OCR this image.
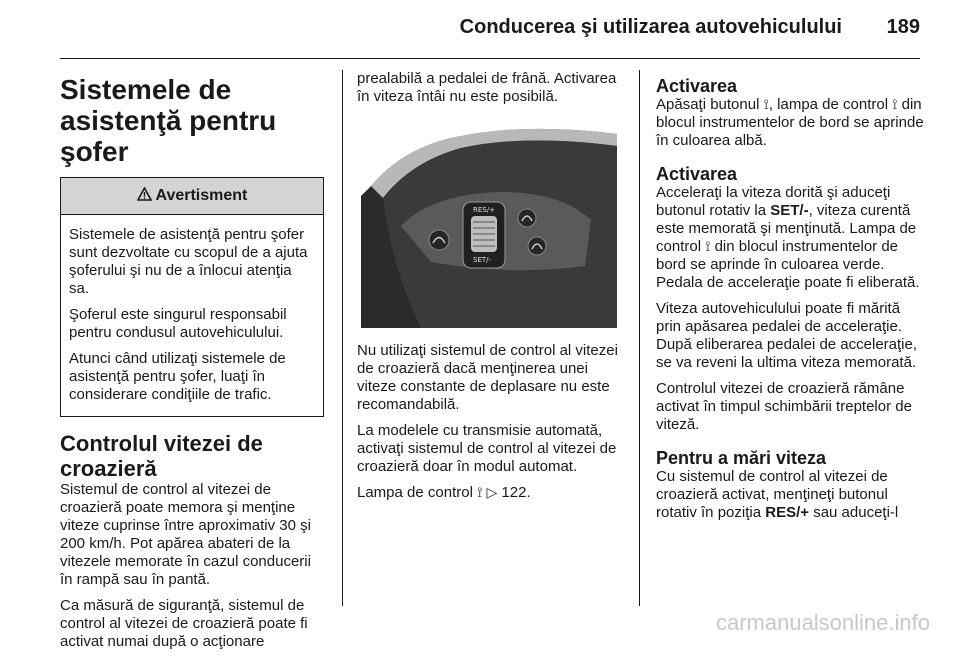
Conducerea şi utilizarea autovehiculului 189
Sistemele de asistenţă pentru şofer
Avertisment

Sistemele de asistenţă pentru şofer sunt dezvoltate cu scopul de a ajuta şoferului şi nu de a înlocui atenţia sa.

Şoferul este singurul responsabil pentru condusul autovehiculului.

Atunci când utilizaţi sistemele de asistenţă pentru şofer, luaţi în considerare condiţiile de trafic.

Controlul vitezei de croazieră

Sistemul de control al vitezei de croazieră poate memora şi menţine viteze cuprinse între aproximativ 30 şi 200 km/h. Pot apărea abateri de la vitezele memorate în cazul conducerii în rampă sau în pantă.

Ca măsură de siguranţă, sistemul de control al vitezei de croazieră poate fi activat numai după o acţionare

prealabilă a pedalei de frână. Activarea în viteza întâi nu este posibilă.

RES/+
SET/-

Nu utilizaţi sistemul de control al vitezei de croazieră dacă menţinerea unei viteze constante de deplasare nu este recomandabilă.

La modelele cu transmisie automată, activaţi sistemul de control al vitezei de croazieră doar în modul automat.

Lampa de control ⟟ ▷ 122.

Activarea

Apăsaţi butonul ⟟, lampa de control ⟟ din blocul instrumentelor de bord se aprinde în culoarea albă.

Activarea

Acceleraţi la viteza dorită şi aduceţi butonul rotativ la SET/-, viteza curentă este memorată şi menţinută. Lampa de control ⟟ din blocul instrumentelor de bord se aprinde în culoarea verde. Pedala de acceleraţie poate fi eliberată.

Viteza autovehiculului poate fi mărită prin apăsarea pedalei de acceleraţie. După eliberarea pedalei de acceleraţie, se va reveni la ultima viteza memorată.

Controlul vitezei de croazieră rămâne activat în timpul schimbării treptelor de viteză.

Pentru a mări viteza

Cu sistemul de control al vitezei de croazieră activat, menţineţi butonul rotativ în poziţia RES/+ sau aduceţi-l

carmanualsonline.info
